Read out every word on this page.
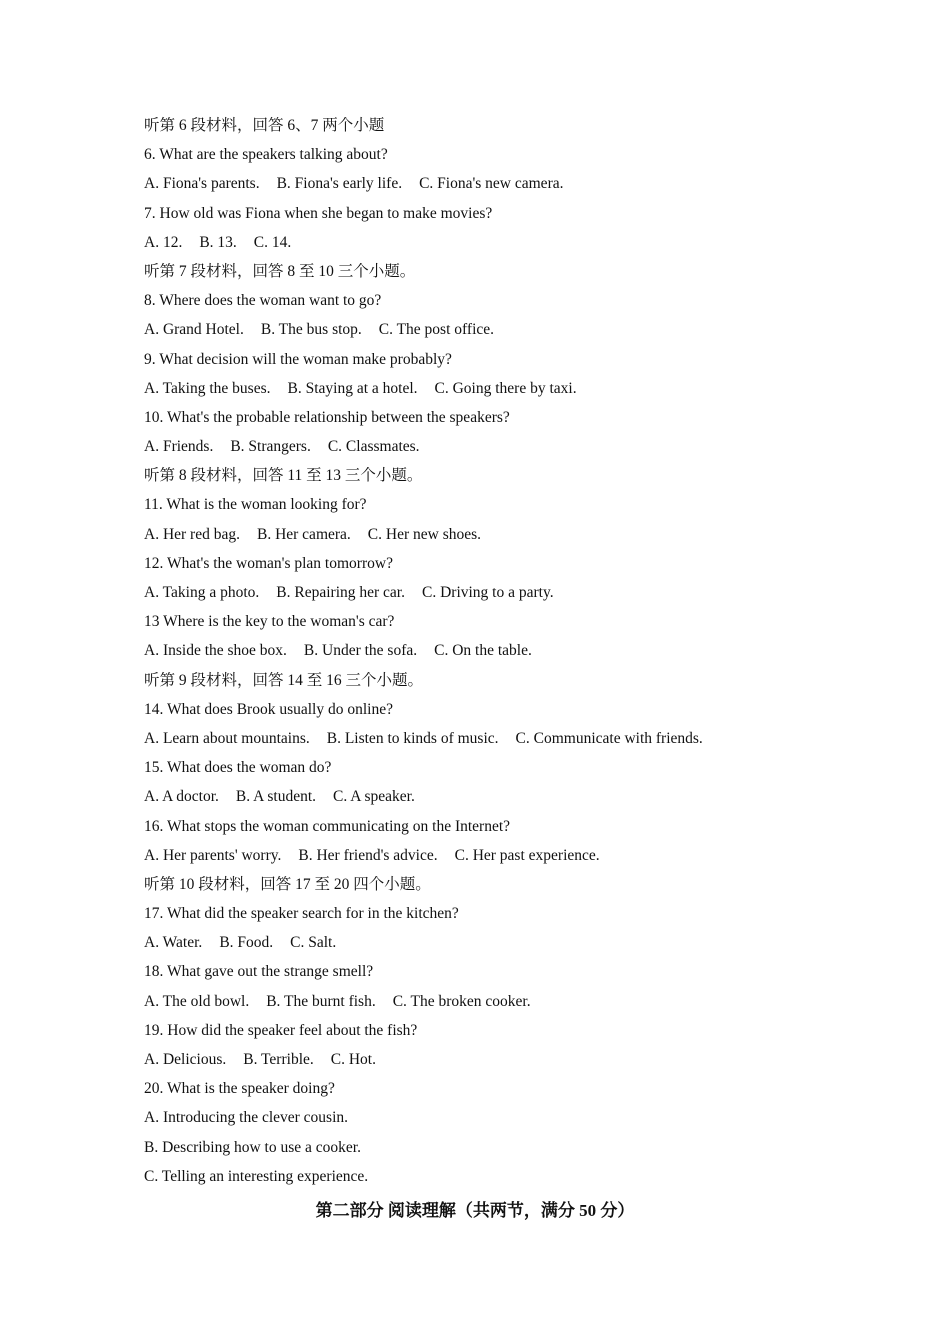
听第 6 段材料，回答 6、7 两个小题
6. What are the speakers talking about?
A. Fiona's parents. B. Fiona's early life. C. Fiona's new camera.
7. How old was Fiona when she began to make movies?
A. 12. B. 13. C. 14.
听第 7 段材料，回答 8 至 10 三个小题。
8. Where does the woman want to go?
A. Grand Hotel. B. The bus stop. C. The post office.
9. What decision will the woman make probably?
A. Taking the buses. B. Staying at a hotel. C. Going there by taxi.
10. What's the probable relationship between the speakers?
A. Friends. B. Strangers. C. Classmates.
听第 8 段材料，回答 11 至 13 三个小题。
11. What is the woman looking for?
A. Her red bag. B. Her camera. C. Her new shoes.
12. What's the woman's plan tomorrow?
A. Taking a photo. B. Repairing her car. C. Driving to a party.
13 Where is the key to the woman's car?
A. Inside the shoe box. B. Under the sofa. C. On the table.
听第 9 段材料，回答 14 至 16 三个小题。
14. What does Brook usually do online?
A. Learn about mountains. B. Listen to kinds of music. C. Communicate with friends.
15. What does the woman do?
A. A doctor. B. A student. C. A speaker.
16. What stops the woman communicating on the Internet?
A. Her parents' worry. B. Her friend's advice. C. Her past experience.
听第 10 段材料，回答 17 至 20 四个小题。
17. What did the speaker search for in the kitchen?
A. Water. B. Food. C. Salt.
18. What gave out the strange smell?
A. The old bowl. B. The burnt fish. C. The broken cooker.
19. How did the speaker feel about the fish?
A. Delicious. B. Terrible. C. Hot.
20. What is the speaker doing?
A. Introducing the clever cousin.
B. Describing how to use a cooker.
C. Telling an interesting experience.
第二部分 阅读理解（共两节，满分 50 分）
